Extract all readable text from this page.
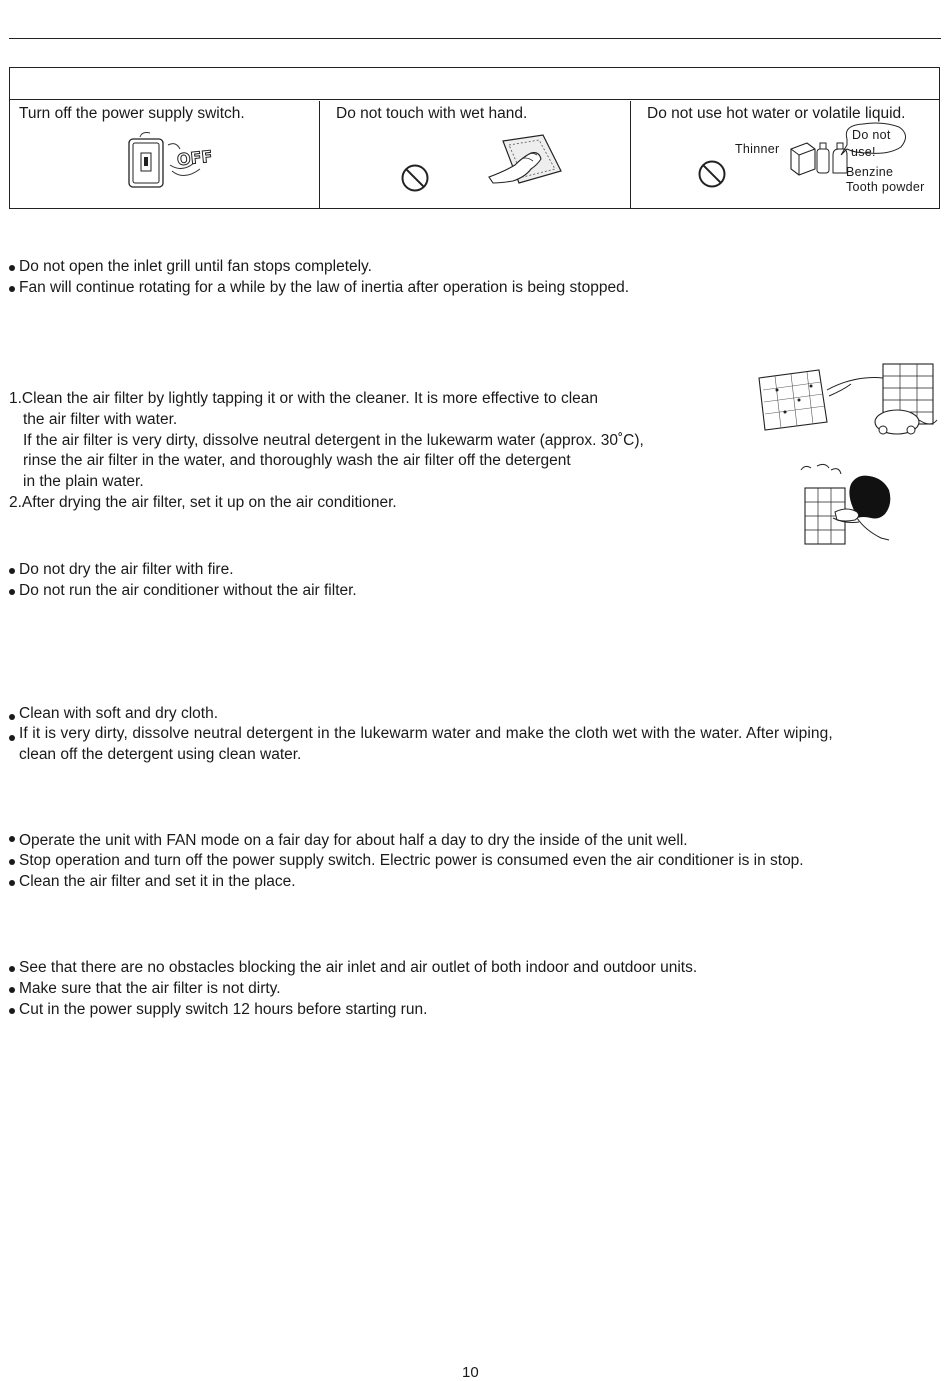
Turn off the power supply switch.
OFF
Do not touch with wet hand.	Do not use hot water or volatile liquid.
Thinner
Do not
use!
Benzine
Tooth powder
Do not open the inlet grill until fan stops completely.
Fan will continue rotating for a while by the law of inertia after operation is being stopped.
1.Clean the air filter by lightly tapping it or with the cleaner. It is more effective to clean
the air filter with water.
If the air filter is very dirty, dissolve neutral detergent in the lukewarm water (approx. 30˚C),
rinse the air filter in the water, and thoroughly wash the air filter off the detergent
in the plain water.
2.After drying the air filter, set it up on the air conditioner.
Do not dry the air filter with fire.
Do not run the air conditioner without the air filter.
Clean with soft and dry cloth.
If it is very dirty, dissolve neutral detergent in the lukewarm water and make the cloth wet with the water. After wiping,
clean off the detergent using clean water.
Operate the unit with FAN mode on a fair day for about half a day to dry the inside of the unit well.
Stop operation and turn off the power supply switch. Electric power is consumed even the air conditioner is in stop.
Clean the air filter and set it in the place.
See that there are no obstacles blocking the air inlet and air outlet of both indoor and outdoor units.
Make sure that the air filter is not dirty.
Cut in the power supply switch 12 hours before starting run.
10
